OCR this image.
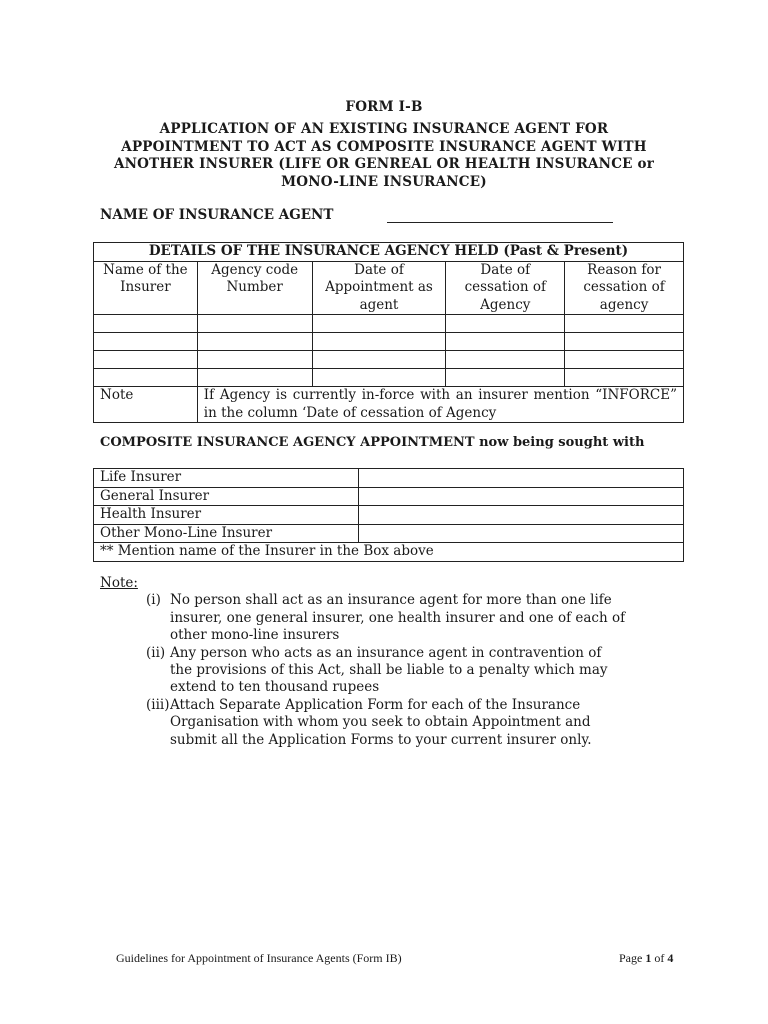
FORM I-B
APPLICATION OF AN EXISTING INSURANCE AGENT FOR
APPOINTMENT TO ACT AS COMPOSITE INSURANCE AGENT WITH
ANOTHER INSURER (LIFE OR GENREAL OR HEALTH INSURANCE or
MONO-LINE INSURANCE)
NAME OF INSURANCE AGENT
DETAILS OF THE INSURANCE AGENCY HELD (Past & Present)				
Name of the Insurer	Agency code Number	Date of Appointment as agent	Date of cessation of Agency	Reason for cessation of agency

Note	If Agency is currently in-force with an insurer mention “INFORCE” in the column ‘Date of cessation of Agency			
COMPOSITE INSURANCE AGENCY APPOINTMENT now being sought with
Life Insurer	
General Insurer	
Health Insurer	
Other Mono-Line Insurer	
** Mention name of the Insurer in the Box above	
Note:
(i) No person shall act as an insurance agent for more than one life
insurer, one general insurer, one health insurer and one of each of
other mono-line insurers
(ii) Any person who acts as an insurance agent in contravention of
the provisions of this Act, shall be liable to a penalty which may
extend to ten thousand rupees
(iii) Attach Separate Application Form for each of the Insurance
Organisation with whom you seek to obtain Appointment and
submit all the Application Forms to your current insurer only.
Guidelines for Appointment of Insurance Agents (Form IB)	Page 1 of 4
